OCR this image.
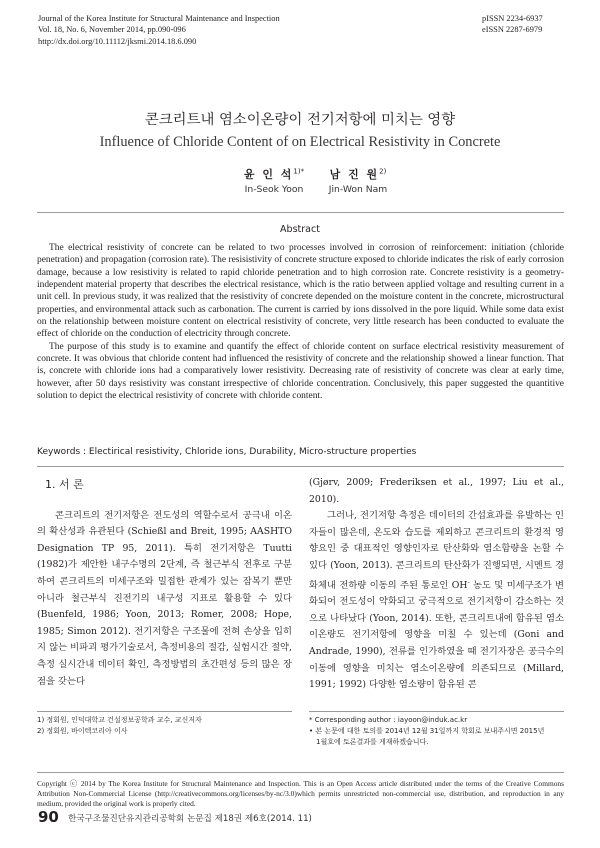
Journal of the Korea Institute for Structural Maintenance and Inspection
Vol. 18, No. 6, November 2014, pp.090-096
http://dx.doi.org/10.11112/jksmi.2014.18.6.090
pISSN 2234-6937
eISSN 2287-6979
콘크리트내 염소이온량이 전기저항에 미치는 영향
Influence of Chloride Content of on Electrical Resistivity in Concrete
윤 인 석$^{1)*}$
In-Seok Yoon
남 진 원$^{2)}$
Jin-Won Nam
Abstract

The electrical resistivity of concrete can be related to two processes involved in corrosion of reinforcement: initiation (chloride penetration) and propagation (corrosion rate). The resisistivity of concrete structure exposed to chloride indicates the risk of early corrosion damage, because a low resistivity is related to rapid chloride penetration and to high corrosion rate. Concrete resistivity is a geometry-independent material property that describes the electrical resistance, which is the ratio between applied voltage and resulting current in a unit cell. In previous study, it was realized that the resistivity of concrete depended on the moisture content in the concrete, microstructural properties, and environmental attack such as carbonation. The current is carried by ions dissolved in the pore liquid. While some data exist on the relationship between moisture content on electrical resistivity of concrete, very little research has been conducted to evaluate the effect of chloride on the conduction of electricity through concrete.

The purpose of this study is to examine and quantify the effect of chloride content on surface electrical resistivity measurement of concrete. It was obvious that chloride content had influenced the resistivity of concrete and the relationship showed a linear function. That is, concrete with chloride ions had a comparatively lower resistivity. Decreasing rate of resistivity of concrete was clear at early time, however, after 50 days resistivity was constant irrespective of chloride concentration. Conclusively, this paper suggested the quantitive solution to depict the electrical resistivity of concrete with chloride content.

Keywords : Electirical resistivity, Chloride ions, Durability, Micro-structure properties
1. 서 론

콘크리트의 전기저항은 전도성의 역할수로서 공극내 이온의 확산성과 유관된다 (Schießl and Breit, 1995; AASHTO Designation TP 95, 2011). 특히 전기저항은 Tuutti (1982)가 제안한 내구수명의 2단계, 즉 철근부식 전후로 구분하여 콘크리트의 미세구조와 밀접한 관계가 있는 잠복기 뿐만 아니라 철근부식 진전기의 내구성 지표로 활용할 수 있다 (Buenfeld, 1986; Yoon, 2013; Romer, 2008; Hope, 1985; Simon 2012). 전기저항은 구조물에 전혀 손상을 입히지 않는 비파괴 평가기술로서, 측정비용의 절감, 실험시간 절약, 측정 실시간내 데이터 확인, 측정방법의 초간편성 등의 많은 장점을 갖는다

(Gjørv, 2009; Frederiksen et al., 1997; Liu et al., 2010).

그러나, 전기저항 측정은 데이터의 간섭효과를 유발하는 인자들이 많은데, 온도와 습도를 제외하고 콘크리트의 환경적 영향요인 중 대표적인 영향인자로 탄산화와 염소함량을 논할 수 있다 (Yoon, 2013). 콘크리트의 탄산화가 진행되면, 시멘트 경화체내 전하량 이동의 주된 통로인 OH- 농도 및 미세구조가 변화되어 전도성이 약화되고 궁극적으로 전기저항이 감소하는 것으로 나타났다 (Yoon, 2014). 또한, 콘크리트내에 함유된 염소이온량도 전기저항에 영향을 미칠 수 있는데 (Goni and Andrade, 1990), 전류를 인가하였을 때 전기자장은 공극수의 이동에 영향을 미치는 염소이온량에 의존되므로 (Millard, 1991; 1992) 다양한 염소량이 함유된 콘

1) 정회원, 인덕대학교 건설정보공학과 교수, 교신저자
2) 정회원, 바이텍코리아 이사
* Corresponding author : iayoon@induk.ac.kr
• 본 논문에 대한 토의를 2014년 12월 31일까지 학회로 보내주시면 2015년
1월호에 토론결과를 게재하겠습니다.
Copyright ⓒ 2014 by The Korea Institute for Structural Maintenance and Inspection. This is an Open Access article distributed under the terms of the Creative Commons Attribution Non-Commercial License (http://creativecommons.org/licenses/by-nc/3.0)which permits unrestricted non-commercial use, distribution, and reproduction in any medium, provided the original work is properly cited.
90 한국구조물진단유지관리공학회 논문집 제18권 제6호(2014. 11)
